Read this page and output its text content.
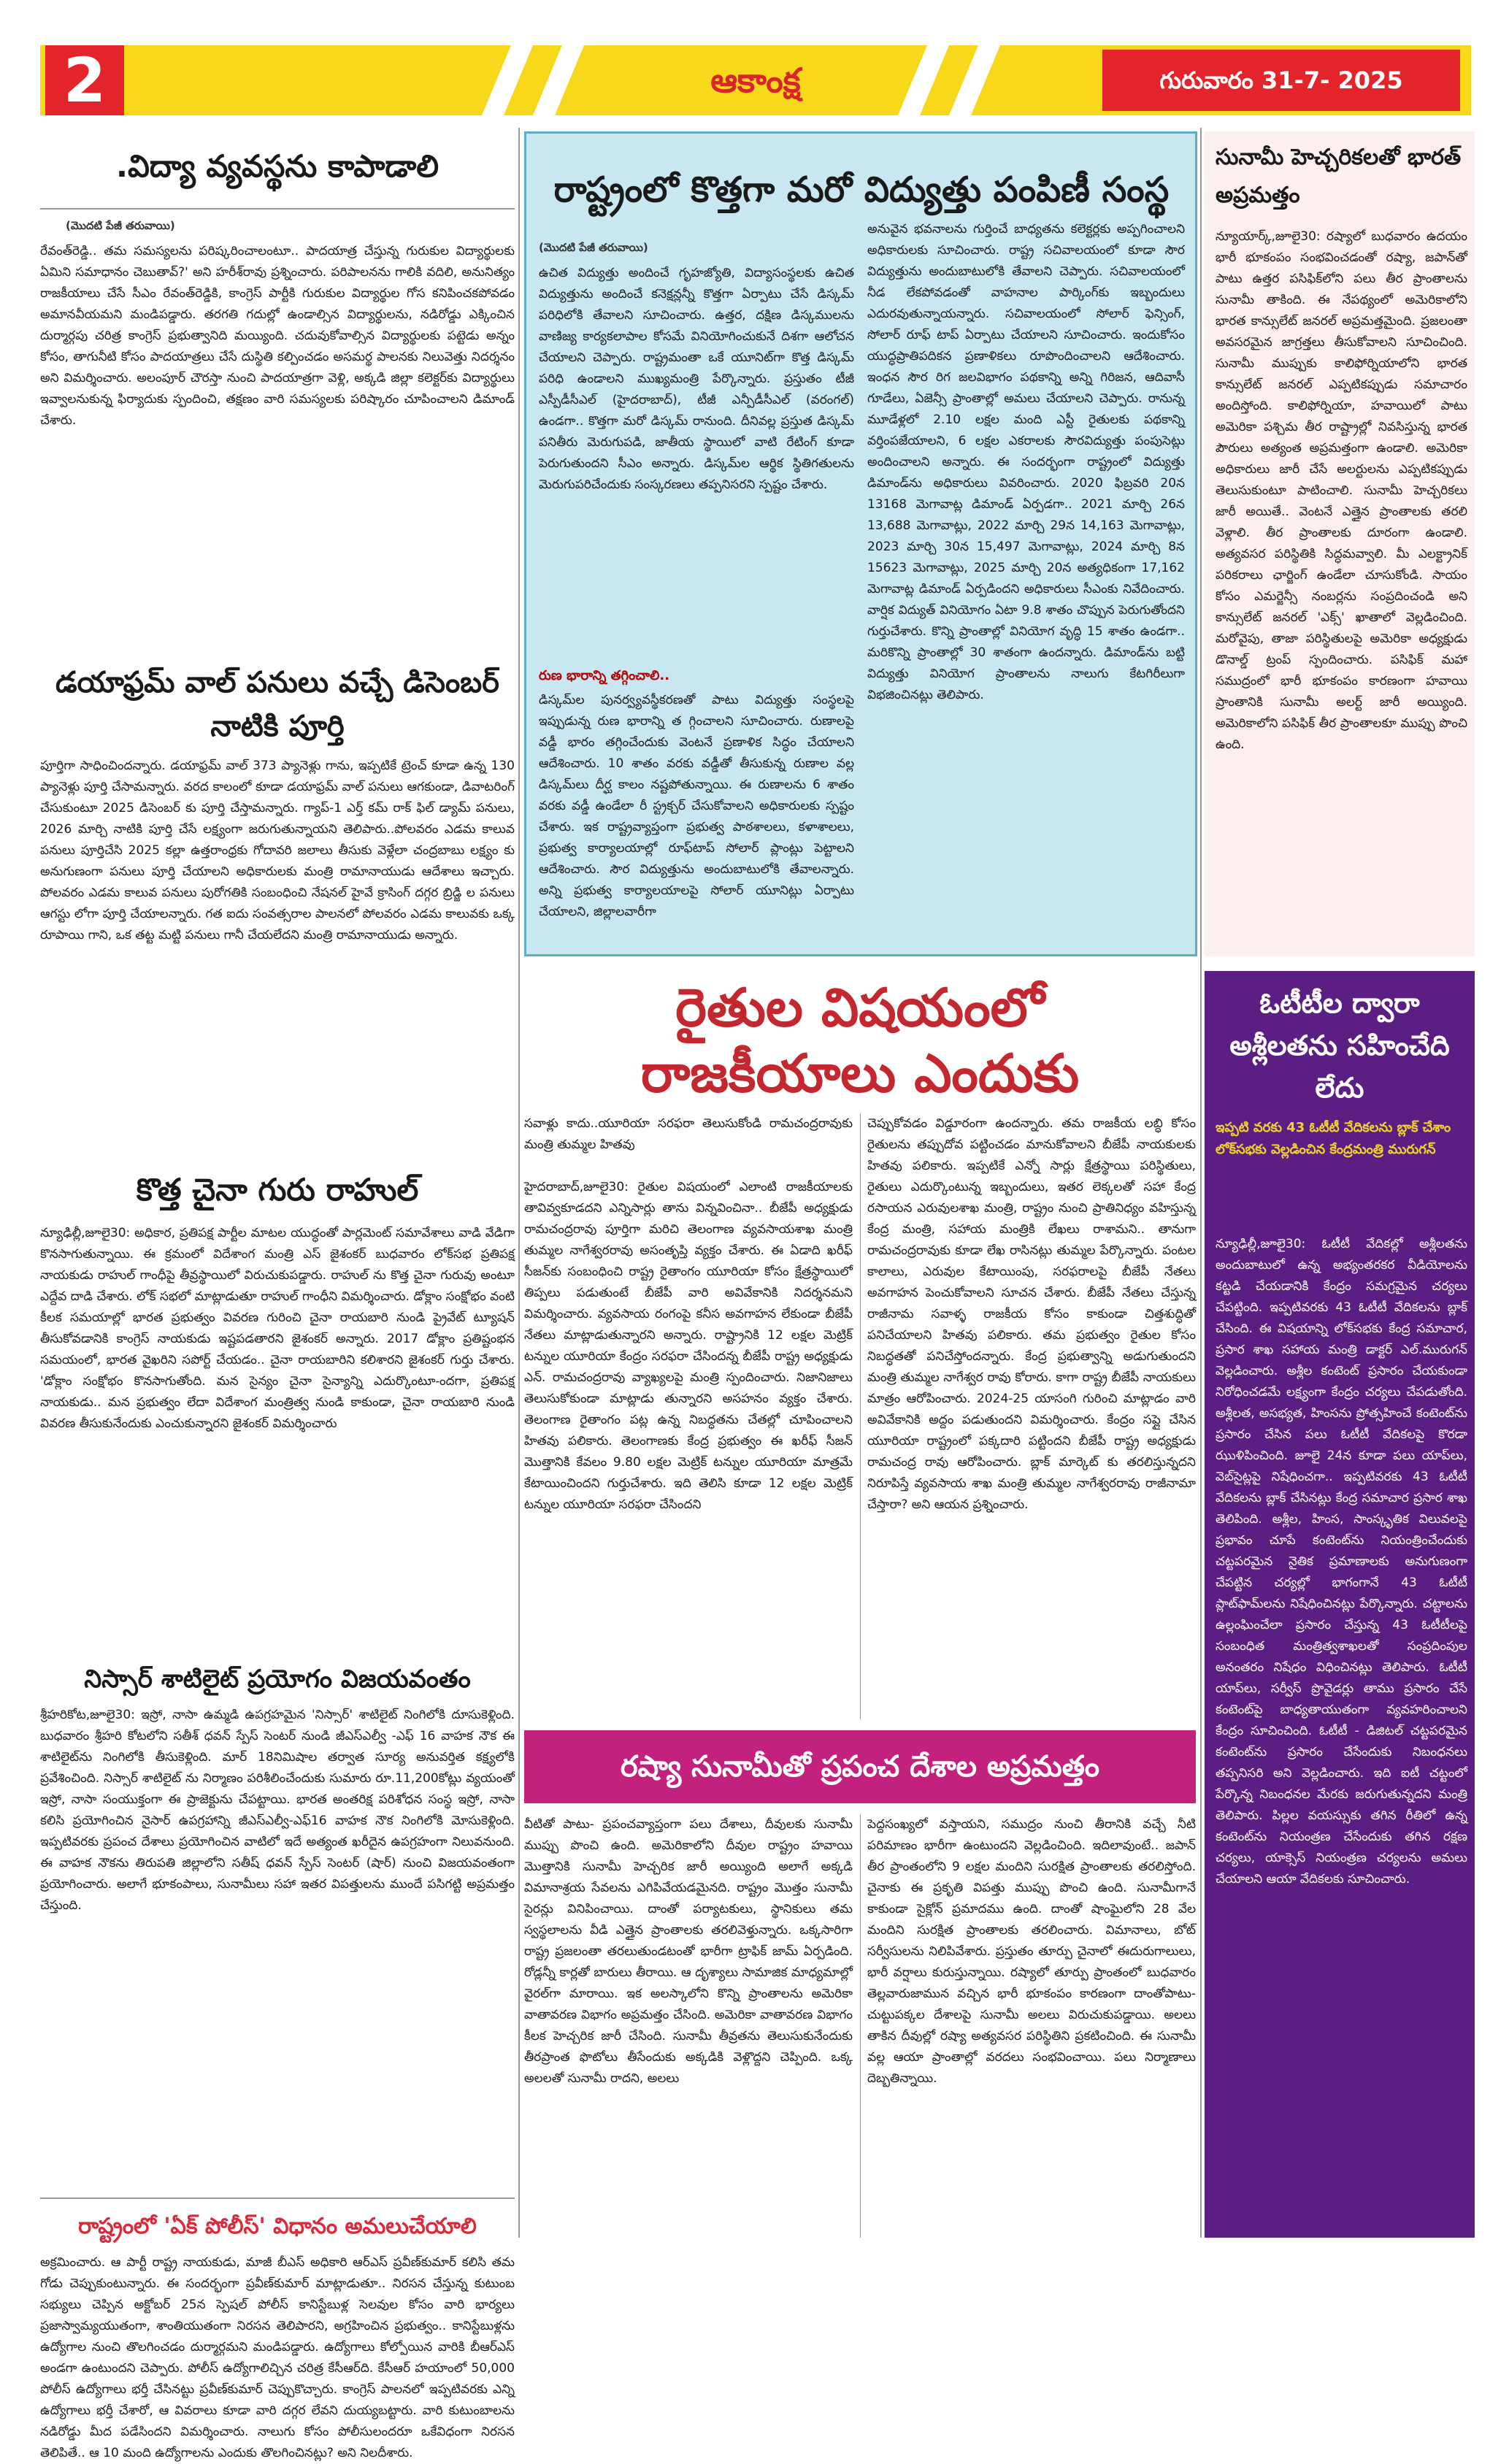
2	ఆకాంక్ష	గురువారం 31-7- 2025
.విద్యా వ్యవస్థను కాపాడాలి
(మొదటి పేజీ తరువాయి)

రేవంత్‌రెడ్డి.. తమ సమస్యలను పరిష్కరించాలంటూ.. పాదయాత్ర చేస్తున్న గురుకుల విద్యార్థులకు ఏమిని సమాధానం చెబుతావ్?' అని హరీశ్‌రావు ప్రశ్నించారు. పరిపాలనను గాలికి వదిలి, అనునిత్యం రాజకీయాలు చేసే సీఎం రేవంత్‌రెడ్డికి, కాంగ్రెస్ పార్టీకి గురుకుల విద్యార్థుల గోస కనిపించకపోవడం అమానవీయమని మండిపడ్డారు. తరగతి గదుల్లో ఉండాల్సిన విద్యార్థులను, నడిరోడ్డు ఎక్కించిన దుర్మార్గపు చరిత్ర కాంగ్రెస్ ప్రభుత్వానిది మయ్యింది. చదువుకోవాల్సిన విద్యార్థులకు పట్టెడు అన్నం కోసం, తాగునీటి కోసం పాదయాత్రలు చేసే దుస్థితి కల్పించడం అసమర్థ పాలనకు నిలువెత్తు నిదర్శనం అని విమర్శించారు. అలంపూర్ చౌరస్తా నుంచి పాదయాత్రగా వెళ్లి, అక్కడి జిల్లా కలెక్టర్‌కు విద్యార్థులు ఇవ్వాలనుకున్న ఫిర్యాదుకు స్పందించి, తక్షణం వారి సమస్యలకు పరిష్కారం చూపించాలని డిమాండ్ చేశారు.

డయాఫ్రమ్ వాల్ పనులు వచ్చే డిసెంబర్ నాటికి పూర్తి

పూర్తిగా సాధించిందన్నారు. డయాఫ్రమ్ వాల్ 373 ప్యానెళ్లు గాను, ఇప్పటికే ట్రెంచ్ కూడా ఉన్న 130 ప్యానెళ్లు పూర్తి చేసామన్నారు. వరద కాలంలో కూడా డయాఫ్రమ్ వాల్ పనులు ఆగకుండా, డివాటరింగ్ చేసుకుంటూ 2025 డిసెంబర్ కు పూర్తి చేస్తామన్నారు. గ్యాప్-1 ఎర్త్ కమ్ రాక్ ఫిల్ డ్యామ్ పనులు, 2026 మార్చి నాటికి పూర్తి చేసే లక్ష్యంగా జరుగుతున్నాయని తెలిపారు..పోలవరం ఎడమ కాలువ పనులు పూర్తిచేసి 2025 కల్లా ఉత్తరాంధ్రకు గోదావరి జలాలు తీసుకు వెళ్లేలా చంద్రబాబు లక్ష్యం కు అనుగుణంగా పనులు పూర్తి చేయాలని అధికారులకు మంత్రి రామానాయుడు ఆదేశాలు ఇచ్చారు. పోలవరం ఎడమ కాలువ పనులు పురోగతికి సంబంధించి నేషనల్ హైవే క్రాసింగ్ దగ్గర బ్రిడ్జి ల పనులు ఆగస్టు లోగా పూర్తి చేయాలన్నారు. గత ఐదు సంవత్సరాల పాలనలో పోలవరం ఎడమ కాలువకు ఒక్క రూపాయి గాని, ఒక తట్ట మట్టి పనులు గానీ చేయలేదని మంత్రి రామానాయుడు అన్నారు.

కొత్త చైనా గురు రాహుల్

న్యూఢిల్లీ,జూలై30: అధికార, ప్రతిపక్ష పార్టీల మాటల యుద్ధంతో పార్లమెంట్ సమావేశాలు వాడి వేడిగా కొనసాగుతున్నాయి. ఈ క్రమంలో విదేశాంగ మంత్రి ఎస్ జైశంకర్ బుధవారం లోక్‌సభ ప్రతిపక్ష నాయకుడు రాహుల్ గాంధీపై తీవ్రస్థాయిలో విరుచుకుపడ్డారు. రాహుల్ ను కొత్త చైనా గురువు అంటూ ఎద్దేవ దాడి చేశారు. లోక్ సభలో మాట్లాడుతూ రాహుల్ గాంధీని విమర్శించారు. డోక్లాం సంక్షోభం వంటి కీలక సమయాల్లో భారత ప్రభుత్వం వివరణ గురించి చైనా రాయబారి నుండి ప్రైవేట్ ట్యూషన్ తీసుకోవడానికి కాంగ్రెస్ నాయకుడు ఇష్టపడతారని జైశంకర్ అన్నారు. 2017 డోక్లాం ప్రతిష్టంభన సమయంలో, భారత వైఖరిని సపోర్ట్ చేయడం.. చైనా రాయబారిని కలిశారని జైశంకర్ గుర్తు చేశారు. 'డోక్లాం సంక్షోభం కొనసాగుతోంది. మన సైన్యం చైనా సైన్యాన్ని ఎదుర్కొంటూ-ందగా, ప్రతిపక్ష నాయకుడు.. మన ప్రభుత్వం లేదా విదేశాంగ మంత్రిత్వ నుండి కాకుండా, చైనా రాయబారి నుండి వివరణ తీసుకునేందుకు ఎంచుకున్నారని జైశంకర్ విమర్శించారు

నిస్సార్ శాటిలైట్ ప్రయోగం విజయవంతం

శ్రీహరికోట,జూలై30: ఇస్రో, నాసా ఉమ్మడి ఉపగ్రహమైన 'నిస్సార్' శాటిలైట్ నింగిలోకి దూసుకెళ్లింది. బుధవారం శ్రీహరి కోటలోని సతీశ్ ధవన్ స్పేస్ సెంటర్ నుండి జీఎస్ఎల్వీ -ఎఫ్ 16 వాహక నౌక ఈ శాటిలైట్‌ను నింగిలోకి తీసుకెళ్లింది. మార్ 18నిమిషాల తర్వాత సూర్య అనువర్తిత కక్ష్యలోకి ప్రవేశించింది. నిస్సార్ శాటిలైట్ ను నిర్మాణం పరిశీలించేందుకు సుమారు రూ.11,200కోట్లు వ్యయంతో ఇస్రో, నాసా సంయుక్తంగా ఈ ప్రాజెక్టును చేపట్టాయి. భారత అంతరిక్ష పరిశోధన సంస్థ ఇస్రో, నాసా కలిసి ప్రయోగించిన నైసార్ ఉపగ్రహాన్ని జీఎస్ఎల్వీ-ఎఫ్16 వాహక నౌక నింగిలోకి మోసుకెళ్లింది. ఇప్పటివరకు ప్రపంచ దేశాలు ప్రయోగించిన వాటిలో ఇదే అత్యంత ఖరీదైన ఉపగ్రహంగా నిలువనుంది. ఈ వాహక నౌకను తిరుపతి జిల్లాలోని సతీష్ ధవన్ స్పేస్ సెంటర్ (షార్) నుంచి విజయవంతంగా ప్రయోగించారు. అలాగే భూకంపాలు, సునామీలు సహా ఇతర విపత్తులను ముందే పసిగట్టి అప్రమత్తం చేస్తుంది.

రాష్ట్రంలో 'ఏక్ పోలీస్' విధానం అమలుచేయాలి

అక్రమించారు. ఆ పార్టీ రాష్ట్ర నాయకుడు, మాజీ బీఎస్ అధికారి ఆర్ఎస్ ప్రవీణ్‌కుమార్ కలిసి తమ గోడు చెప్పుకుంటున్నారు. ఈ సందర్భంగా ప్రవీణ్‌కుమార్ మాట్లాడుతూ.. నిరసన చేస్తున్న కుటుంబ సభ్యులు చెప్పిన అక్టోబర్ 25న స్పెషల్ పోలీస్ కానిస్టేబుళ్ల సెలవుల కోసం వారి భార్యలు ప్రజాస్వామ్యయుతంగా, శాంతియుతంగా నిరసన తెలిపారని, అగ్రహించిన ప్రభుత్వం.. కానిస్టేబుళ్లను ఉద్యోగాల నుంచి తొలగించడం దుర్మార్గమని మండిపడ్డారు. ఉద్యోగాలు కోల్పోయిన వారికి బీఆర్ఎస్ అండగా ఉంటుందని చెప్పారు. పోలీస్ ఉద్యోగాలిచ్చిన చరిత్ర కేసీఆర్‌ది. కేసీఆర్ హయాంలో 50,000 పోలీస్ ఉద్యోగాలు భర్తీ చేసినట్టు ప్రవీణ్‌కుమార్ చెప్పుకొచ్చారు. కాంగ్రెస్ పాలనలో ఇప్పటివరకు ఎన్ని ఉద్యోగాలు భర్తీ చేశారో, ఆ వివరాలు కూడా వారి దగ్గర లేవని దుయ్యబట్టారు. వారి కుటుంబాలను నడిరోడ్డు మీద పడేసిందని విమర్శించారు. నాలుగు కోసం పోలీసులందరూ ఒకేవిధంగా నిరసన తెలిపితే.. ఆ 10 మంది ఉద్యోగాలను ఎందుకు తొలగించినట్లు? అని నిలదీశారు.

రాష్ట్రంలో కొత్తగా మరో విద్యుత్తు పంపిణీ సంస్థ
(మొదటి పేజీ తరువాయి)

ఉచిత విద్యుత్తు అందించే గృహజ్యోతి, విద్యాసంస్థలకు ఉచిత విద్యుత్తును అందించే కనెక్షన్లన్నీ కొత్తగా ఏర్పాటు చేసే డిస్కమ్ పరిధిలోకి తేవాలని సూచించారు. ఉత్తర, దక్షిణ డిస్కములను వాణిజ్య కార్యకలాపాల కోసమే వినియోగించుకునే దిశగా ఆలోచన చేయాలని చెప్పారు. రాష్ట్రమంతా ఒకే యూనిట్‌గా కొత్త డిస్కమ్ పరిధి ఉండాలని ముఖ్యమంత్రి పేర్కొన్నారు. ప్రస్తుతం టీజీ ఎస్పీడీసీఎల్ (హైదరాబాద్), టీజీ ఎన్పీడీసీఎల్ (వరంగల్) ఉండగా.. కొత్తగా మరో డిస్కమ్ రానుంది. దీనివల్ల ప్రస్తుత డిస్కమ్ పనితీరు మెరుగుపడి, జాతీయ స్థాయిలో వాటి రేటింగ్ కూడా పెరుగుతుందని సీఎం అన్నారు. డిస్కమ్‌ల ఆర్థిక స్థితిగతులను మెరుగుపరిచేందుకు సంస్కరణలు తప్పనిసరని స్పష్టం చేశారు.

రుణ భారాన్ని తగ్గించాలి..

డిస్కమ్‌ల పునర్వ్యవస్థీకరణతో పాటు విద్యుత్తు సంస్థలపై ఇప్పుడున్న రుణ భారాన్ని త గ్గించాలని సూచించారు. రుణాలపై వడ్డీ భారం తగ్గించేందుకు వెంటనే ప్రణాళిక సిద్ధం చేయాలని ఆదేశించారు. 10 శాతం వరకు వడ్డీతో తీసుకున్న రుణాల వల్ల డిస్కమ్‌లు దీర్ఘ కాలం నష్టపోతున్నాయి. ఈ రుణాలను 6 శాతం వరకు వడ్డీ ఉండేలా రీ స్ట్రక్చర్ చేసుకోవాలని అధికారులకు స్పష్టం చేశారు. ఇక రాష్ట్రవ్యాప్తంగా ప్రభుత్వ పాఠశాలలు, కళాశాలలు, ప్రభుత్వ కార్యాలయాల్లో రూఫ్‌టాప్ సోలార్ ప్లాంట్లు పెట్టాలని ఆదేశించారు. సౌర విద్యుత్తును అందుబాటులోకి తేవాలన్నారు. అన్ని ప్రభుత్వ కార్యాలయాలపై సోలార్ యూనిట్లు ఏర్పాటు చేయాలని, జిల్లాలవారీగా

అనువైన భవనాలను గుర్తించే బాధ్యతను కలెక్టర్లకు అప్పగించాలని అధికారులకు సూచించారు. రాష్ట్ర సచివాలయంలో కూడా సౌర విద్యుత్తును అందుబాటులోకి తేవాలని చెప్పారు. సచివాలయంలో నీడ లేకపోవడంతో వాహనాల పార్కింగ్‌కు ఇబ్బందులు ఎదురవుతున్నాయన్నారు. సచివాలయంలో సోలార్ ఫెన్సింగ్, సోలార్ రూఫ్ టాప్ ఏర్పాటు చేయాలని సూచించారు. ఇందుకోసం యుద్ధప్రాతిపదికన ప్రణాళికలు రూపొందించాలని ఆదేశించారు. ఇంధన సౌర రిగ జలవిభాగం పథకాన్ని అన్ని గిరిజన, ఆదివాసీ గూడేలు, ఏజెన్సీ ప్రాంతాల్లో అమలు చేయాలని చెప్పారు. రానున్న మూడేళ్లలో 2.10 లక్షల మంది ఎస్టీ రైతులకు పథకాన్ని వర్తింపజేయాలని, 6 లక్షల ఎకరాలకు సౌరవిద్యుత్తు పంపుసెట్లు అందించాలని అన్నారు. ఈ సందర్భంగా రాష్ట్రంలో విద్యుత్తు డిమాండ్‌ను అధికారులు వివరించారు. 2020 ఫిబ్రవరి 20న 13168 మెగావాట్ల డిమాండ్ ఏర్పడగా.. 2021 మార్చి 26న 13,688 మెగావాట్లు, 2022 మార్చి 29న 14,163 మెగావాట్లు, 2023 మార్చి 30న 15,497 మెగావాట్లు, 2024 మార్చి 8న 15623 మెగావాట్లు, 2025 మార్చి 20న అత్యధికంగా 17,162 మెగావాట్ల డిమాండ్ ఏర్పడిందని అధికారులు సీఎంకు నివేదించారు. వార్షిక విద్యుత్ వినియోగం ఏటా 9.8 శాతం చొప్పున పెరుగుతోందని గుర్తుచేశారు. కొన్ని ప్రాంతాల్లో వినియోగ వృద్ధి 15 శాతం ఉండగా.. మరికొన్ని ప్రాంతాల్లో 30 శాతంగా ఉందన్నారు. డిమాండ్‌ను బట్టి విద్యుత్తు వినియోగ ప్రాంతాలను నాలుగు కేటగిరీలుగా విభజించినట్లు తెలిపారు.

సునామీ హెచ్చరికలతో భారత్ అప్రమత్తం

న్యూయార్క్,జూలై30: రష్యాలో బుధవారం ఉదయం భారీ భూకంపం సంభవించడంతో రష్యా, జపాన్‌తో పాటు ఉత్తర పసిఫిక్‌లోని పలు తీర ప్రాంతాలను సునామీ తాకింది. ఈ నేపథ్యంలో అమెరికాలోని భారత కాన్సులేట్ జనరల్ అప్రమత్తమైంది. ప్రజలంతా అవసరమైన జాగ్రత్తలు తీసుకోవాలని సూచించింది. సునామీ ముప్పుకు కాలిఫోర్నియాలోని భారత కాన్సులేట్ జనరల్ ఎప్పటికప్పుడు సమాచారం అందిస్తోంది. కాలిఫోర్నియా, హవాయిలో పాటు అమెరికా పశ్చిమ తీర రాష్ట్రాల్లో నివసిస్తున్న భారత పౌరులు అత్యంత అప్రమత్తంగా ఉండాలి. అమెరికా అధికారులు జారీ చేసే అలర్టులను ఎప్పటికప్పుడు తెలుసుకుంటూ పాటించాలి. సునామీ హెచ్చరికలు జారీ అయితే.. వెంటనే ఎత్తైన ప్రాంతాలకు తరలి వెళ్లాలి. తీర ప్రాంతాలకు దూరంగా ఉండాలి. అత్యవసర పరిస్థితికి సిద్ధమవ్వాలి. మీ ఎలక్ట్రానిక్ పరికరాలు ఛార్జింగ్ ఉండేలా చూసుకోండి. సాయం కోసం ఎమర్జెన్సీ నంబర్లను సంప్రదించండి అని కాన్సులేట్ జనరల్ 'ఎక్స్' ఖాతాలో వెల్లడించింది. మరోవైపు, తాజా పరిస్థితులపై అమెరికా అధ్యక్షుడు డొనాల్డ్ ట్రంప్ స్పందించారు. పసిఫిక్ మహా సముద్రంలో భారీ భూకంపం కారణంగా హవాయి ప్రాంతానికి సునామీ అలర్ట్ జారీ అయ్యింది. అమెరికాలోని పసిఫిక్ తీర ప్రాంతాలకూ ముప్పు పొంచి ఉంది.

రైతుల విషయంలో
రాజకీయాలు ఎందుకు

సవాళ్లు కాదు..యూరియా సరఫరా తెలుసుకోండి రామచంద్రరావుకు మంత్రి తుమ్మల హితవు

హైదరాబాద్,జూలై30: రైతుల విషయంలో ఎలాంటి రాజకీయాలకు తావివ్వకూడదని ఎన్నిసార్లు తాను విన్నవించినా.. బీజేపీ అధ్యక్షుడు రామచంద్రరావు పూర్తిగా మరిచి తెలంగాణ వ్యవసాయశాఖ మంత్రి తుమ్మల నాగేశ్వరరావు అసంతృప్తి వ్యక్తం చేశారు. ఈ ఏడాది ఖరీఫ్ సీజన్‌కు సంబంధించి రాష్ట్ర రైతాంగం యూరియా కోసం క్షేత్రస్థాయిలో తిప్పలు పడుతుంటే బీజేపీ వారి అవివేకానికి నిదర్శనమని విమర్శించారు. వ్యవసాయ రంగంపై కనీస అవగాహన లేకుండా బీజేపీ నేతలు మాట్లాడుతున్నారని అన్నారు. రాష్ట్రానికి 12 లక్షల మెట్రిక్ టన్నుల యూరియా కేంద్రం సరఫరా చేసిందన్న బీజేపీ రాష్ట్ర అధ్యక్షుడు ఎన్. రామచంద్రరావు వ్యాఖ్యలపై మంత్రి స్పందించారు. నిజానిజాలు తెలుసుకోకుండా మాట్లాడు తున్నారని అసహనం వ్యక్తం చేశారు. తెలంగాణ రైతాంగం పట్ల ఉన్న నిబద్ధతను చేతల్లో చూపించాలని హితవు పలికారు. తెలంగాణకు కేంద్ర ప్రభుత్వం ఈ ఖరీఫ్ సీజన్ మొత్తానికి కేవలం 9.80 లక్షల మెట్రిక్ టన్నుల యూరియా మాత్రమే కేటాయించిందని గుర్తుచేశారు. ఇది తెలిసి కూడా 12 లక్షల మెట్రిక్ టన్నుల యూరియా సరఫరా చేసిందని

చెప్పుకోవడం విడ్డూరంగా ఉందన్నారు. తమ రాజకీయ లబ్ధి కోసం రైతులను తప్పుదోవ పట్టించడం మానుకోవాలని బీజేపీ నాయకులకు హితవు పలికారు. ఇప్పటికే ఎన్నో సార్లు క్షేత్రస్థాయి పరిస్థితులు, రైతులు ఎదుర్కొంటున్న ఇబ్బందులు, ఇతర లెక్కలతో సహా కేంద్ర రసాయన ఎరువులశాఖ మంత్రి, రాష్ట్రం నుంచి ప్రాతినిధ్యం వహిస్తున్న కేంద్ర మంత్రి, సహాయ మంత్రికి లేఖలు రాశామని.. తానుగా రామచంద్రరావుకు కూడా లేఖ రాసినట్లు తుమ్మల పేర్కొన్నారు. పంటల కాలాలు, ఎరువుల కేటాయింపు, సరఫరాలపై బీజేపీ నేతలు అవగాహన పెంచుకోవాలని సూచన చేశారు. బీజేపీ నేతలు చేస్తున్న రాజీనామ సవాళ్ళ రాజకీయ కోసం కాకుండా చిత్తశుద్ధితో పనిచేయాలని హితవు పలికారు. తమ ప్రభుత్వం రైతుల కోసం నిబద్ధతతో పనిచేస్తోందన్నారు. కేంద్ర ప్రభుత్వాన్ని అడుగుతుందని మంత్రి తుమ్మల నాగేశ్వర రావు కోరారు. కాగా రాష్ట్ర బీజేపీ నాయకులు మాత్రం ఆరోపించారు. 2024-25 యాసంగి గురించి మాట్లాడం వారి అవివేకానికి అద్దం పడుతుందని విమర్శించారు. కేంద్రం సప్లై చేసిన యూరియా రాష్ట్రంలో పక్కదారి పట్టిందని బీజేపీ రాష్ట్ర అధ్యక్షుడు రామచంద్ర రావు ఆరోపించారు. బ్లాక్ మార్కెట్ కు తరలిస్తున్నదని నిరూపిస్తే వ్యవసాయ శాఖ మంత్రి తుమ్మల నాగేశ్వరరావు రాజీనామా చేస్తారా? అని ఆయన ప్రశ్నించారు.

ఓటీటీల ద్వారా అశ్లీలతను సహించేది లేదు
ఇప్పటి వరకు 43 ఓటీటీ వేదికలను బ్లాక్ చేశాం లోక్‌సభకు వెల్లడించిన కేంద్రమంత్రి మురుగన్

న్యూఢిల్లీ,జూలై30: ఓటీటీ వేదికల్లో అశ్లీలతను అందుబాటులో ఉన్న అభ్యంతరకర వీడియోలను కట్టడి చేయడానికి కేంద్రం సమగ్రమైన చర్యలు చేపట్టింది. ఇప్పటివరకు 43 ఓటీటీ వేదికలను బ్లాక్ చేసింది. ఈ విషయాన్ని లోక్‌సభకు కేంద్ర సమాచార, ప్రసార శాఖ సహాయ మంత్రి డాక్టర్ ఎల్.మురుగన్ వెల్లడించారు. అశ్లీల కంటెంట్ ప్రసారం చేయకుండా నిరోధించడమే లక్ష్యంగా కేంద్రం చర్యలు చేపడుతోంది. అశ్లీలత, అసభ్యత, హింసను ప్రోత్సహించే కంటెంట్‌ను ప్రసారం చేసిన పలు ఓటీటీ వేదికలపై కొరడా ఝుళిపించింది. జూలై 24న కూడా పలు యాప్‌లు, వెబ్‌సైట్లపై నిషేధించగా.. ఇప్పటివరకు 43 ఓటీటీ వేదికలను బ్లాక్ చేసినట్లు కేంద్ర సమాచార ప్రసార శాఖ తెలిపింది. అశ్లీల, హింస, సాంస్కృతిక విలువలపై ప్రభావం చూపే కంటెంట్‌ను నియంత్రించేందుకు చట్టపరమైన నైతిక ప్రమాణాలకు అనుగుణంగా చేపట్టిన చర్యల్లో భాగంగానే 43 ఓటీటీ ప్లాట్‌ఫామ్‌లను నిషేధించినట్లు పేర్కొన్నారు. చట్టాలను ఉల్లంఘించేలా ప్రసారం చేస్తున్న 43 ఓటీటీలపై సంబంధిత మంత్రిత్వశాఖలతో సంప్రదింపుల అనంతరం నిషేధం విధించినట్లు తెలిపారు. ఓటీటీ యాప్‌లు, సర్వీస్ ప్రొవైడర్లు తాము ప్రసారం చేసే కంటెంట్‌పై బాధ్యతాయుతంగా వ్యవహరించాలని కేంద్రం సూచించింది. ఓటీటీ - డిజిటల్ చట్టపరమైన కంటెంట్‌ను ప్రసారం చేసేందుకు నిబంధనలు తప్పనిసరి అని వెల్లడించారు. ఇది ఐటీ చట్టంలో పేర్కొన్న నిబంధనల మేరకు జరుగుతున్నదని మంత్రి తెలిపారు. పిల్లల వయస్సుకు తగిన రీతిలో ఉన్న కంటెంట్‌ను నియంత్రణ చేసేందుకు తగిన రక్షణ చర్యలు, యాక్సెస్ నియంత్రణ చర్యలను అమలు చేయాలని ఆయా వేదికలకు సూచించారు.

రష్యా సునామీతో ప్రపంచ దేశాల అప్రమత్తం

వీటితో పాటు- ప్రపంచవ్యాప్తంగా పలు దేశాలు, దీవులకు సునామీ ముప్పు పొంచి ఉంది. అమెరికాలోని దీవుల రాష్ట్రం హవాయి మొత్తానికి సునామీ హెచ్చరిక జారీ అయ్యింది అలాగే అక్కడి విమానాశ్రయ సేవలను ఎగిపివేయడమైనది. రాష్ట్రం మొత్తం సునామీ సైరన్లు వినిపించాయి. దాంతో పర్యాటకులు, స్థానికులు తమ స్వస్థలాలను వీడి ఎత్తైన ప్రాంతాలకు తరలివెళ్తున్నారు. ఒక్కసారిగా రాష్ట్ర ప్రజలంతా తరలుతుండటంతో భారీగా ట్రాఫిక్ జామ్ ఏర్పడింది. రోడ్లన్నీ కార్లతో బారులు తీరాయి. ఆ దృశ్యాలు సామాజిక మాధ్యమాల్లో వైరల్‌గా మారాయి. ఇక అలస్కాలోని కొన్ని ప్రాంతాలను అమెరికా వాతావరణ విభాగం అప్రమత్తం చేసింది. అమెరికా వాతావరణ విభాగం కీలక హెచ్చరిక జారీ చేసింది. సునామీ తీవ్రతను తెలుసుకునేందుకు తీరప్రాంత ఫొటోలు తీసేందుకు అక్కడికి వెళ్లొద్దని చెప్పింది. ఒక్క అలలతో సునామీ రాదని, అలలు

పెద్దసంఖ్యలో వస్తాయని, సముద్రం నుంచి తీరానికి వచ్చే నీటి పరిమాణం భారీగా ఉంటుందని వెల్లడించింది. ఇదిలావుంటే.. జపాన్ తీర ప్రాంతంలోని 9 లక్షల మందిని సురక్షిత ప్రాంతాలకు తరలిస్తోంది. చైనాకు ఈ ప్రకృతి విపత్తు ముప్పు పొంచి ఉంది. సునామీగానే కాకుండా సైక్లోన్ ప్రమాదము ఉంది. దాంతో షాంఘైలోని 28 వేల మందిని సురక్షిత ప్రాంతాలకు తరలించారు. విమానాలు, బోట్ సర్వీసులను నిలిపివేశారు. ప్రస్తుతం తూర్పు చైనాలో ఈదురుగాలులు, భారీ వర్షాలు కురుస్తున్నాయి. రష్యాలో తూర్పు ప్రాంతంలో బుధవారం తెల్లవారుజామున వచ్చిన భారీ భూకంపం కారణంగా దాంతోపాటు- చుట్టుపక్కల దేశాలపై సునామీ అలలు విరుచుకుపడ్డాయి. అలలు తాకిన దీవుల్లో రష్యా అత్యవసర పరిస్థితిని ప్రకటించింది. ఈ సునామీ వల్ల ఆయా ప్రాంతాల్లో వరదలు సంభవించాయి. పలు నిర్మాణాలు దెబ్బతిన్నాయి.
